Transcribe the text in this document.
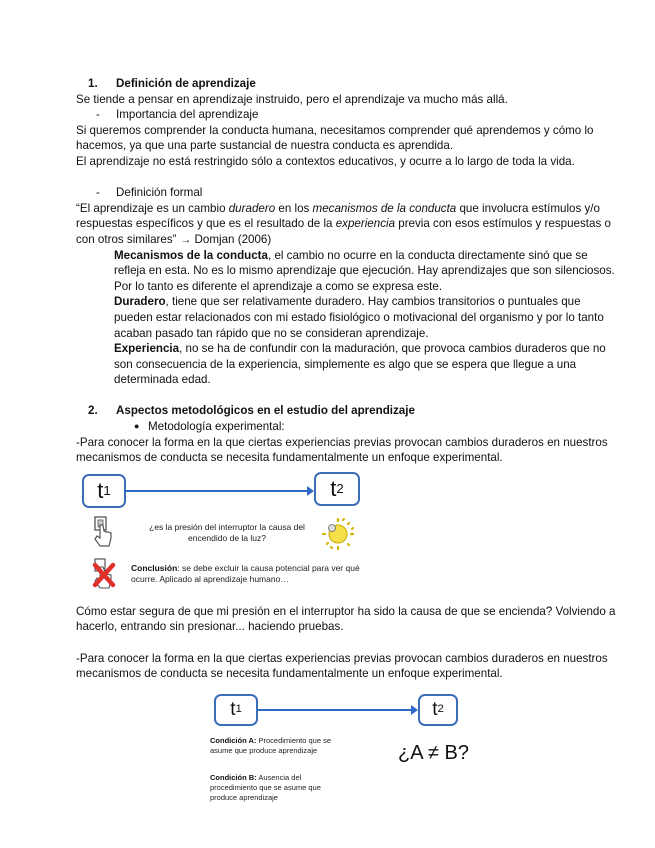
1.	Definición de aprendizaje

Se tiende a pensar en aprendizaje instruido, pero el aprendizaje va mucho más allá.

-	Importancia del aprendizaje

Si queremos comprender la conducta humana, necesitamos comprender qué aprendemos y cómo lo hacemos, ya que una parte sustancial de nuestra conducta es aprendida.

El aprendizaje no está restringido sólo a contextos educativos, y ocurre a lo largo de toda la vida.

-	Definición formal

“El aprendizaje es un cambio duradero en los mecanismos de la conducta que involucra estímulos y/o respuestas específicos y que es el resultado de la experiencia previa con esos estímulos y respuestas o con otros similares” → Domjan (2006)

Mecanismos de la conducta, el cambio no ocurre en la conducta directamente sinó que se refleja en esta. No es lo mismo aprendizaje que ejecución. Hay aprendizajes que son silenciosos. Por lo tanto es diferente el aprendizaje a como se expresa este.

Duradero, tiene que ser relativamente duradero. Hay cambios transitorios o puntuales que pueden estar relacionados con mi estado fisiológico o motivacional del organismo y por lo tanto acaban pasado tan rápido que no se consideran aprendizaje.

Experiencia, no se ha de confundir con la maduración, que provoca cambios duraderos que no son consecuencia de la experiencia, simplemente es algo que se espera que llegue a una determinada edad.

2.	Aspectos metodológicos en el estudio del aprendizaje
● Metodología experimental:

-Para conocer la forma en la que ciertas experiencias previas provocan cambios duraderos en nuestros mecanismos de conducta se necesita fundamentalmente un enfoque experimental.

t 1	t 2
¿es la presión del interruptor la causa del encendido de la luz?
Conclusión: se debe excluir la causa potencial para ver qué ocurre. Aplicado al aprendizaje humano…

Cómo estar segura de que mi presión en el interruptor ha sido la causa de que se encienda? Volviendo a hacerlo, entrando sin presionar... haciendo pruebas.

-Para conocer la forma en la que ciertas experiencias previas provocan cambios duraderos en nuestros mecanismos de conducta se necesita fundamentalmente un enfoque experimental.

t 1	t 2
Condición A: Procedimiento que se asume que produce aprendizaje
Condición B: Ausencia del procedimiento que se asume que produce aprendizaje
¿A ≠ B?
